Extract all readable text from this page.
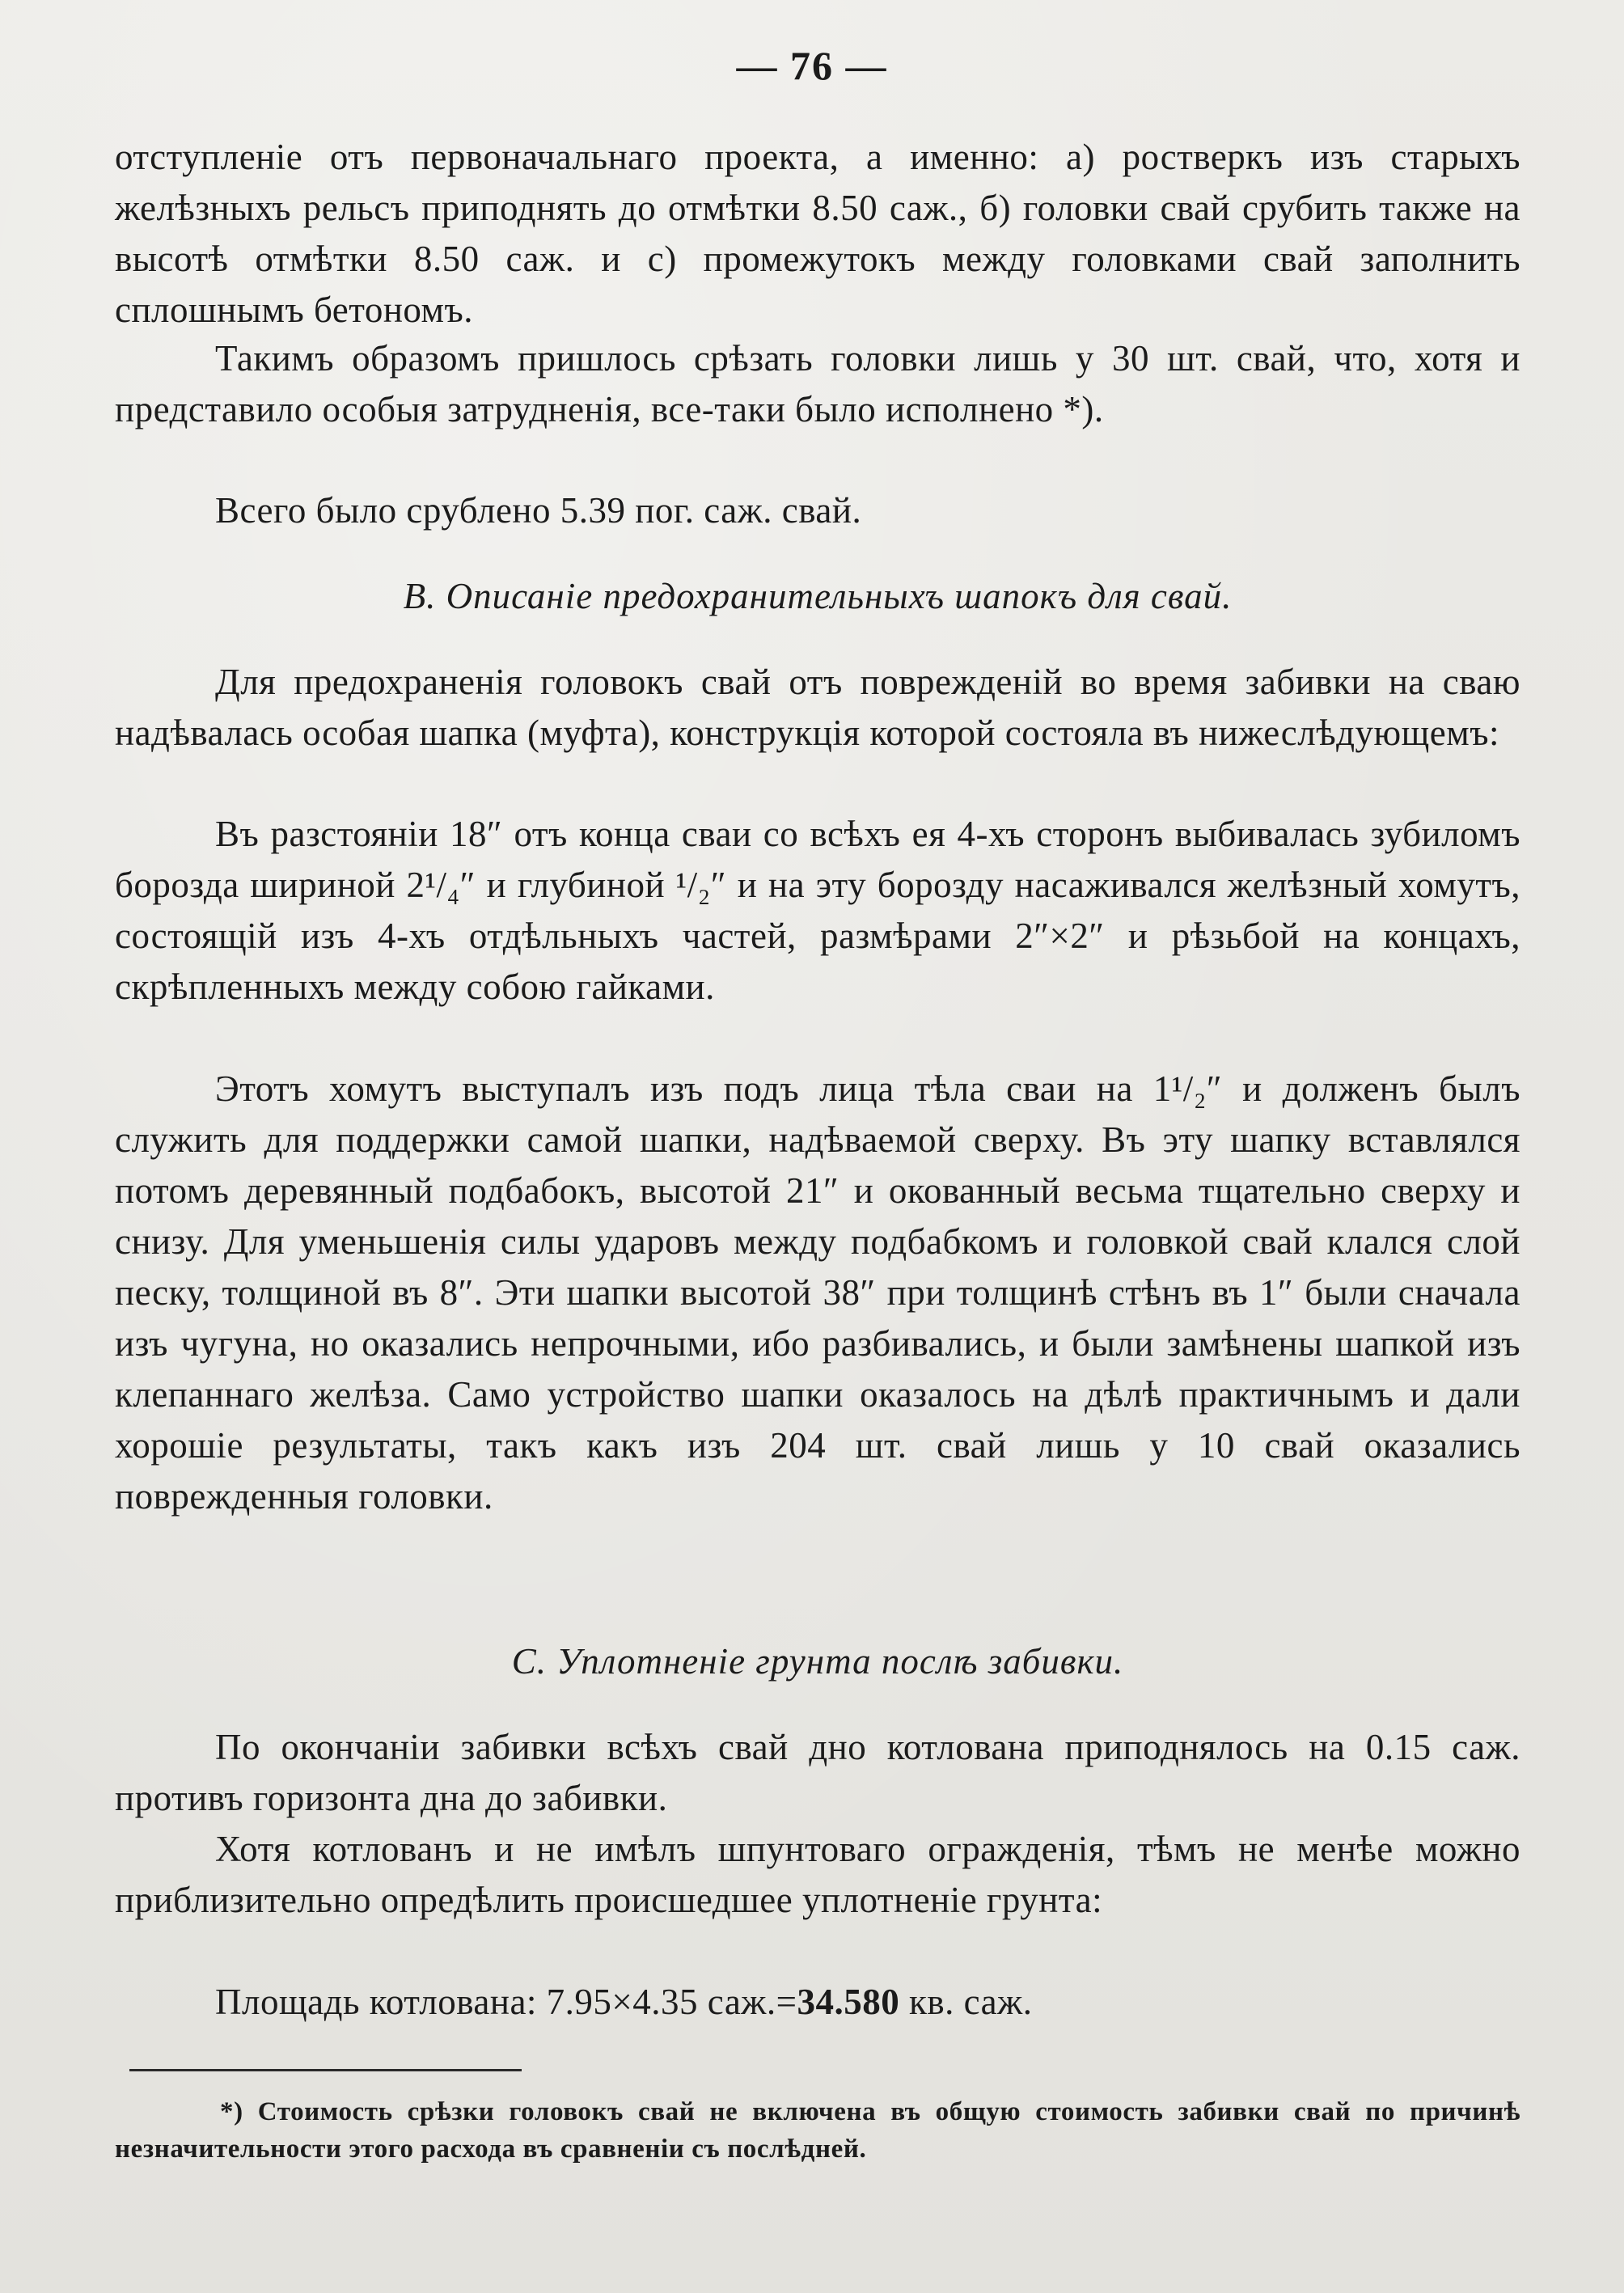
— 76 —

отступленіе отъ первоначальнаго проекта, а именно: а) ростверкъ изъ старыхъ желѣзныхъ рельсъ приподнять до отмѣтки 8.50 саж., б) головки свай срубить также на высотѣ отмѣтки 8.50 саж. и с) промежутокъ между головками свай заполнить сплошнымъ бетономъ.

Такимъ образомъ пришлось срѣзать головки лишь у 30 шт. свай, что, хотя и представило особыя затрудненія, все-таки было исполнено *).

Всего было срублено 5.39 пог. саж. свай.

B. Описаніе предохранительныхъ шапокъ для свай.

Для предохраненія головокъ свай отъ поврежденій во время забивки на сваю надѣвалась особая шапка (муфта), конструкція которой состояла въ нижеслѣдующемъ:

Въ разстояніи 18″ отъ конца сваи со всѣхъ ея 4-хъ сторонъ выбивалась зубиломъ борозда шириной 2¹/₄″ и глубиной ¹/₂″ и на эту борозду насаживался желѣзный хомутъ, состоящій изъ 4-хъ отдѣльныхъ частей, размѣрами 2″×2″ и рѣзьбой на концахъ, скрѣпленныхъ между собою гайками.

Этотъ хомутъ выступалъ изъ подъ лица тѣла сваи на 1¹/₂″ и долженъ былъ служить для поддержки самой шапки, надѣваемой сверху. Въ эту шапку вставлялся потомъ деревянный подбабокъ, высотой 21″ и окованный весьма тщательно сверху и снизу. Для уменьшенія силы ударовъ между подбабкомъ и головкой свай клался слой песку, толщиной въ 8″. Эти шапки высотой 38″ при толщинѣ стѣнъ въ 1″ были сначала изъ чугуна, но оказались непрочными, ибо разбивались, и были замѣнены шапкой изъ клепаннаго желѣза. Само устройство шапки оказалось на дѣлѣ практичнымъ и дали хорошіе результаты, такъ какъ изъ 204 шт. свай лишь у 10 свай оказались поврежденныя головки.

C. Уплотненіе грунта послѣ забивки.

По окончаніи забивки всѣхъ свай дно котлована приподнялось на 0.15 саж. противъ горизонта дна до забивки.

Хотя котлованъ и не имѣлъ шпунтоваго огражденія, тѣмъ не менѣе можно приблизительно опредѣлить происшедшее уплотненіе грунта:

Площадь котлована: 7.95×4.35 саж.=34.580 кв. саж.

*) Стоимость срѣзки головокъ свай не включена въ общую стоимость забивки свай по причинѣ незначительности этого расхода въ сравненіи съ послѣдней.
